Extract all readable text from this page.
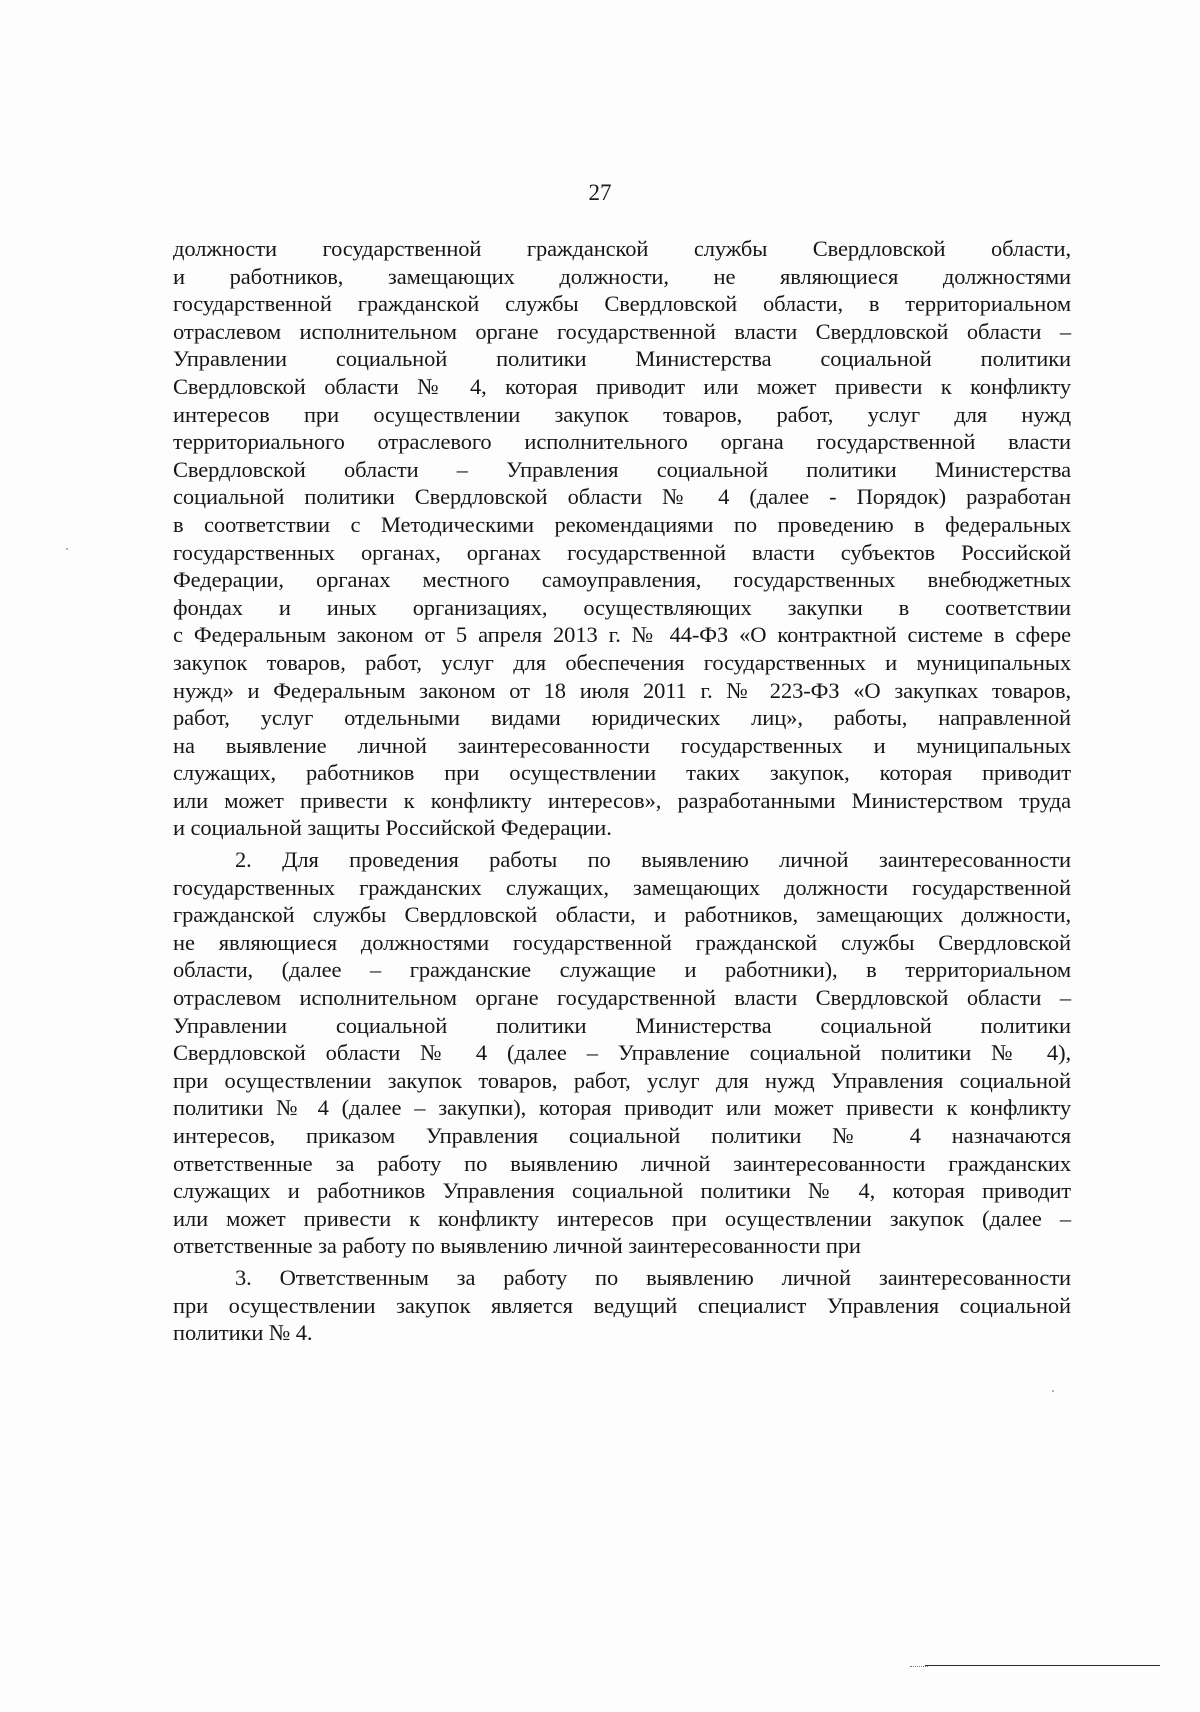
27
должности государственной гражданской службы Свердловской области,
и работников, замещающих должности, не являющиеся должностями
государственной гражданской службы Свердловской области, в территориальном
отраслевом исполнительном органе государственной власти Свердловской области –
Управлении социальной политики Министерства социальной политики
Свердловской области № 4, которая приводит или может привести к конфликту
интересов при осуществлении закупок товаров, работ, услуг для нужд
территориального отраслевого исполнительного органа государственной власти
Свердловской области – Управления социальной политики Министерства
социальной политики Свердловской области № 4 (далее - Порядок) разработан
в соответствии с Методическими рекомендациями по проведению в федеральных
государственных органах, органах государственной власти субъектов Российской
Федерации, органах местного самоуправления, государственных внебюджетных
фондах и иных организациях, осуществляющих закупки в соответствии
с Федеральным законом от 5 апреля 2013 г. № 44-ФЗ «О контрактной системе в сфере
закупок товаров, работ, услуг для обеспечения государственных и муниципальных
нужд» и Федеральным законом от 18 июля 2011 г. № 223-ФЗ «О закупках товаров,
работ, услуг отдельными видами юридических лиц», работы, направленной
на выявление личной заинтересованности государственных и муниципальных
служащих, работников при осуществлении таких закупок, которая приводит
или может привести к конфликту интересов», разработанными Министерством труда
и социальной защиты Российской Федерации.
2. Для проведения работы по выявлению личной заинтересованности
государственных гражданских служащих, замещающих должности государственной
гражданской службы Свердловской области, и работников, замещающих должности,
не являющиеся должностями государственной гражданской службы Свердловской
области, (далее – гражданские служащие и работники), в территориальном
отраслевом исполнительном органе государственной власти Свердловской области –
Управлении социальной политики Министерства социальной политики
Свердловской области № 4 (далее – Управление социальной политики № 4),
при осуществлении закупок товаров, работ, услуг для нужд Управления социальной
политики № 4 (далее – закупки), которая приводит или может привести к конфликту
интересов, приказом Управления социальной политики № 4 назначаются
ответственные за работу по выявлению личной заинтересованности гражданских
служащих и работников Управления социальной политики № 4, которая приводит
или может привести к конфликту интересов при осуществлении закупок (далее –
ответственные за работу по выявлению личной заинтересованности при
3. Ответственным за работу по выявлению личной заинтересованности
при осуществлении закупок является ведущий специалист Управления социальной
политики № 4.
